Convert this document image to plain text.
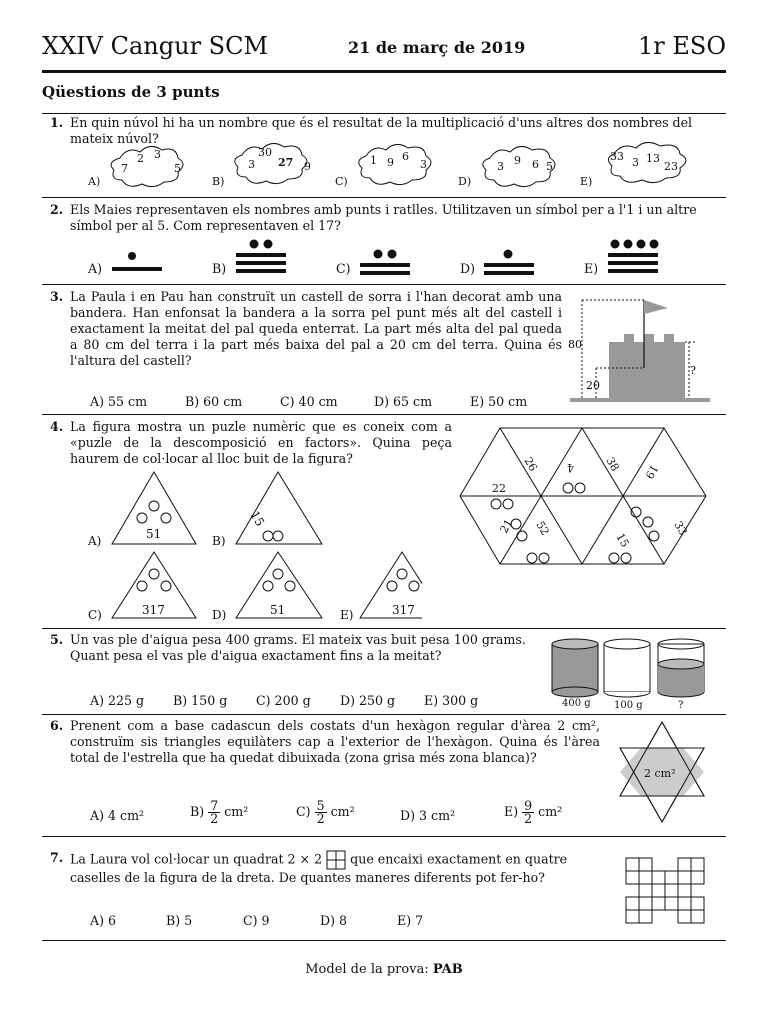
XXIV Cangur SCM	21 de març de 2019	1r ESO
Qüestions de 3 punts
1. En quin núvol hi ha un nombre que és el resultat de la multiplicació d'uns altres dos nombres del mateix núvol?
A)
7
2 3
5
B)
30
3 27 9
C)
1 9 6
3
D)
3 9 6 5
E)
33 3 13
23
2. Els Maies representaven els nombres amb punts i ratlles. Utilitzaven un símbol per a l'1 i un altre símbol per al 5. Com representaven el 17?
A)	B)	C)	D)	E)
3. La Paula i en Pau han construït un castell de sorra i l'han decorat amb una bandera. Han enfonsat la bandera a la sorra pel punt més alt del castell i exactament la meitat del pal queda enterrat. La part més alta del pal queda a 80 cm del terra i la part més baixa del pal a 20 cm del terra. Quina és l'altura del castell?
A) 55 cm	B) 60 cm	C) 40 cm	D) 65 cm	E) 50 cm
80
20
?
4. La figura mostra un puzle numèric que es coneix com a «puzle de la descomposició en factors». Quina peça haurem de col·locar al lloc buit de la figura?
A)	51	B)
15
C)	317	D)	51	E)	317
22
26 4	38 19
33
15
21 52
5. Un vas ple d'aigua pesa 400 grams. El mateix vas buit pesa 100 grams. Quant pesa el vas ple d'aigua exactament fins a la meitat?
A) 225 g B) 150 g C) 200 g D) 250 g E) 300 g	400 g 100 g	?
6. Prenent com a base cadascun dels costats d'un hexàgon regular d'àrea 2 cm², construïm sis triangles equilàters cap a l'exterior de l'hexàgon. Quina és l'àrea total de l'estrella que ha quedat dibuixada (zona grisa més zona blanca)?
A) 4 cm²	$B) \frac{7}{2} cm^2$	$C) \frac{5}{2} cm^2$	D) 3 cm²	$E) \frac{9}{2} cm^2$
2 cm²
7. La Laura vol col·locar un quadrat 2 × 2 que encaixi exactament en quatre caselles de la figura de la dreta. De quantes maneres diferents pot fer-ho?
A) 6	B) 5	C) 9	D) 8	E) 7
Model de la prova: PAB
